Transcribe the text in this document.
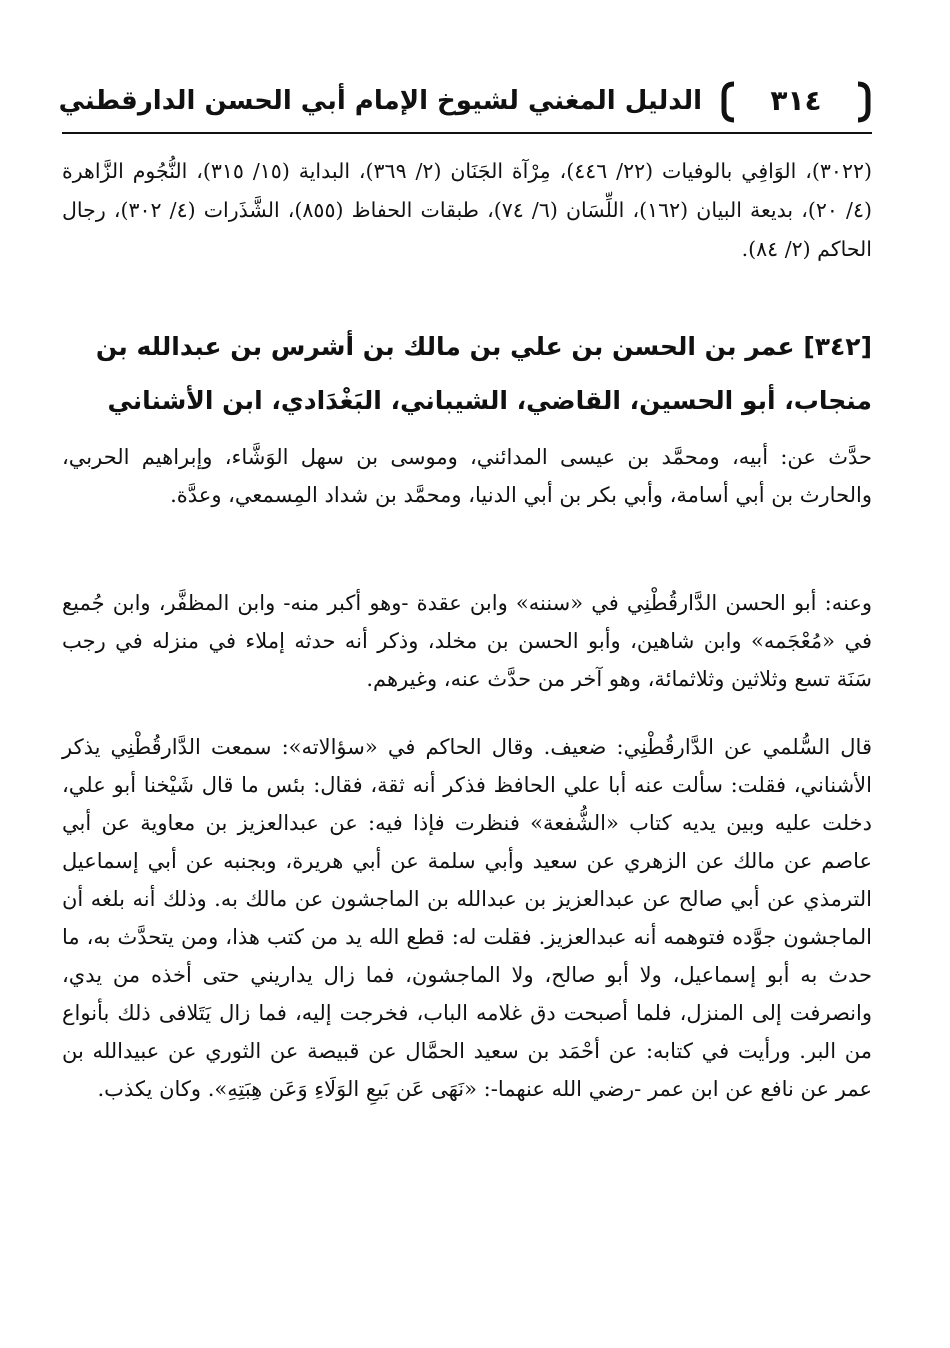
الدليل المغني لشيوخ الإمام أبي الحسن الدارقطني	٣١٤
(٣٠٢٢)، الوَافِي بالوفيات (٢٢/ ٤٤٦)، مِرْآة الجَنَان (٢/ ٣٦٩)، البداية (١٥/ ٣١٥)، النُّجُوم الزَّاهرة (٤/ ٢٠)، بديعة البيان (١٦٢)، اللِّسَان (٦/ ٧٤)، طبقات الحفاظ (٨٥٥)، الشَّذَرات (٤/ ٣٠٢)، رجال الحاكم (٢/ ٨٤).
[٣٤٢] عمر بن الحسن بن علي بن مالك بن أشرس بن عبدالله بن منجاب، أبو الحسين، القاضي، الشيباني، البَغْدَادي، ابن الأشناني

حدَّث عن: أبيه، ومحمَّد بن عيسى المدائني، وموسى بن سهل الوَشَّاء، وإبراهيم الحربي، والحارث بن أبي أسامة، وأبي بكر بن أبي الدنيا، ومحمَّد بن شداد المِسمعي، وعدَّة.

وعنه: أبو الحسن الدَّارقُطْنِي في «سننه» وابن عقدة -وهو أكبر منه- وابن المظفَّر، وابن جُميع في «مُعْجَمه» وابن شاهين، وأبو الحسن بن مخلد، وذكر أنه حدثه إملاء في منزله في رجب سَنَة تسع وثلاثين وثلاثمائة، وهو آخر من حدَّث عنه، وغيرهم.

قال السُّلمي عن الدَّارقُطْنِي: ضعيف. وقال الحاكم في «سؤالاته»: سمعت الدَّارقُطْنِي يذكر الأشناني، فقلت: سألت عنه أبا علي الحافظ فذكر أنه ثقة، فقال: بئس ما قال شَيْخنا أبو علي، دخلت عليه وبين يديه كتاب «الشُّفعة» فنظرت فإذا فيه: عن عبدالعزيز بن معاوية عن أبي عاصم عن مالك عن الزهري عن سعيد وأبي سلمة عن أبي هريرة، وبجنبه عن أبي إسماعيل الترمذي عن أبي صالح عن عبدالعزيز بن عبدالله بن الماجشون عن مالك به. وذلك أنه بلغه أن الماجشون جوَّده فتوهمه أنه عبدالعزيز. فقلت له: قطع الله يد من كتب هذا، ومن يتحدَّث به، ما حدث به أبو إسماعيل، ولا أبو صالح، ولا الماجشون، فما زال يداريني حتى أخذه من يدي، وانصرفت إلى المنزل، فلما أصبحت دق غلامه الباب، فخرجت إليه، فما زال يَتَلافى ذلك بأنواع من البر. ورأيت في كتابه: عن أحْمَد بن سعيد الحمَّال عن قبيصة عن الثوري عن عبيدالله بن عمر عن نافع عن ابن عمر -رضي الله عنهما-: «نَهَى عَن بَيعِ الوَلَاءِ وَعَن هِبَتِهِ». وكان يكذب.
